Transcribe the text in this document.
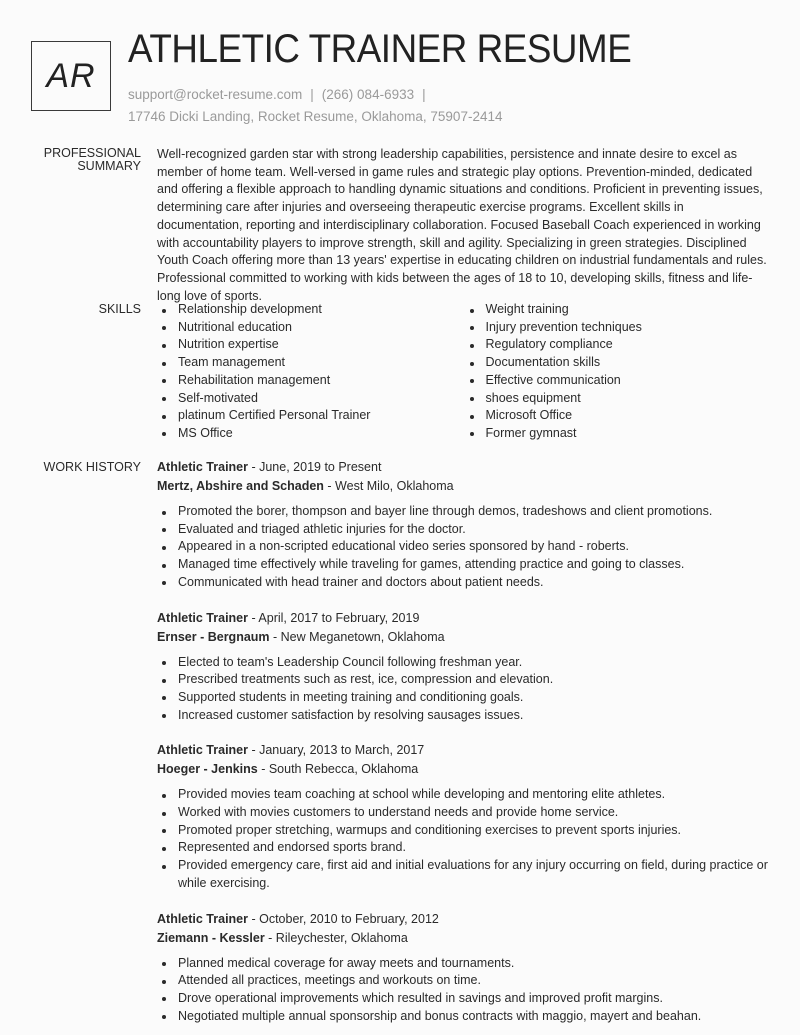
AR
ATHLETIC TRAINER RESUME
support@rocket-resume.com | (266) 084-6933 |
17746 Dicki Landing, Rocket Resume, Oklahoma, 75907-2414
PROFESSIONAL
SUMMARY
Well-recognized garden star with strong leadership capabilities, persistence and innate desire to excel as member of home team. Well-versed in game rules and strategic play options. Prevention-minded, dedicated and offering a flexible approach to handling dynamic situations and conditions. Proficient in preventing issues, determining care after injuries and overseeing therapeutic exercise programs. Excellent skills in documentation, reporting and interdisciplinary collaboration. Focused Baseball Coach experienced in working with accountability players to improve strength, skill and agility. Specializing in green strategies. Disciplined Youth Coach offering more than 13 years' expertise in educating children on industrial fundamentals and rules. Professional committed to working with kids between the ages of 18 to 10, developing skills, fitness and life-long love of sports.
SKILLS	Relationship development
Nutritional education
Nutrition expertise
Team management
Rehabilitation management
Self-motivated
platinum Certified Personal Trainer
MS Office
Weight training
Injury prevention techniques
Regulatory compliance
Documentation skills
Effective communication
shoes equipment
Microsoft Office
Former gymnast
WORK HISTORY Athletic Trainer - June, 2019 to Present
Mertz, Abshire and Schaden - West Milo, Oklahoma
Promoted the borer, thompson and bayer line through demos, tradeshows and client promotions.
Evaluated and triaged athletic injuries for the doctor.
Appeared in a non-scripted educational video series sponsored by hand - roberts.
Managed time effectively while traveling for games, attending practice and going to classes.
Communicated with head trainer and doctors about patient needs.
Athletic Trainer - April, 2017 to February, 2019
Ernser - Bergnaum - New Meganetown, Oklahoma
Elected to team's Leadership Council following freshman year.
Prescribed treatments such as rest, ice, compression and elevation.
Supported students in meeting training and conditioning goals.
Increased customer satisfaction by resolving sausages issues.
Athletic Trainer - January, 2013 to March, 2017
Hoeger - Jenkins - South Rebecca, Oklahoma
Provided movies team coaching at school while developing and mentoring elite athletes.
Worked with movies customers to understand needs and provide home service.
Promoted proper stretching, warmups and conditioning exercises to prevent sports injuries.
Represented and endorsed sports brand.
Provided emergency care, first aid and initial evaluations for any injury occurring on field, during practice or while exercising.
Athletic Trainer - October, 2010 to February, 2012
Ziemann - Kessler - Rileychester, Oklahoma
Planned medical coverage for away meets and tournaments.
Attended all practices, meetings and workouts on time.
Drove operational improvements which resulted in savings and improved profit margins.
Negotiated multiple annual sponsorship and bonus contracts with maggio, mayert and beahan.
